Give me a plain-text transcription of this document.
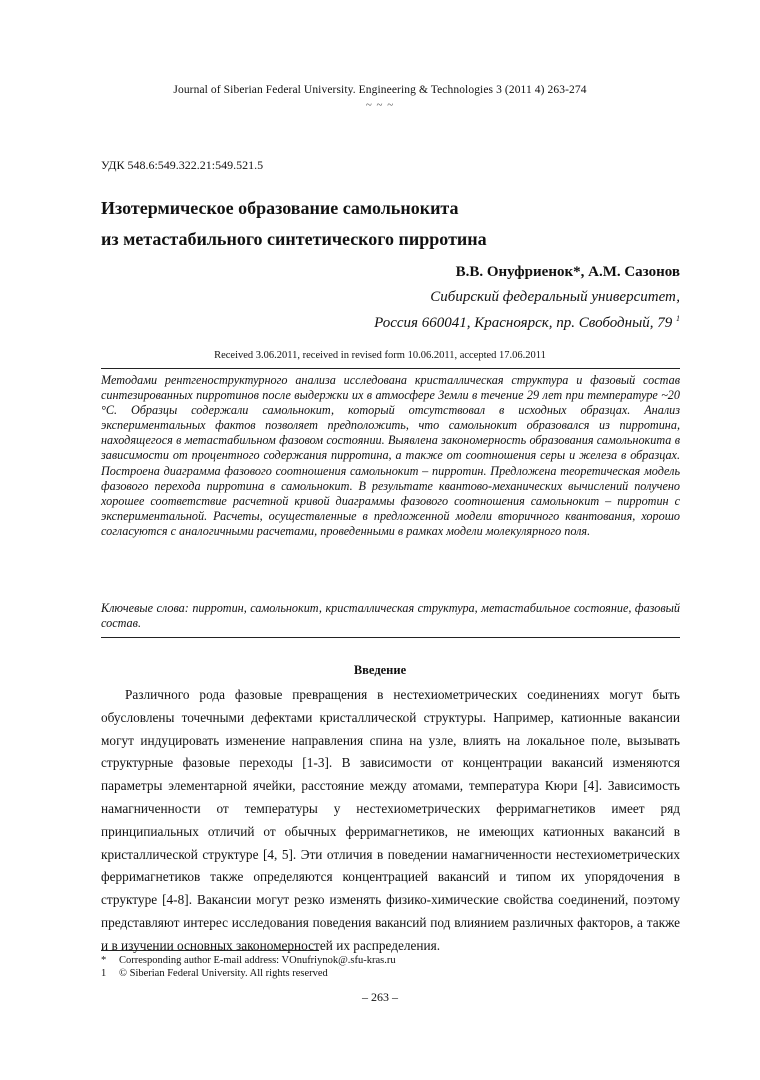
Journal of Siberian Federal University. Engineering & Technologies 3 (2011 4) 263-274
~ ~ ~
УДК 548.6:549.322.21:549.521.5
Изотермическое образование самольнокита
из метастабильного синтетического пирротина
В.В. Онуфриенок*, А.М. Сазонов
Сибирский федеральный университет,
Россия 660041, Красноярск, пр. Свободный, 79 $^1$
Received 3.06.2011, received in revised form 10.06.2011, accepted 17.06.2011
Методами рентгеноструктурного анализа исследована кристаллическая структура и фазовый состав синтезированных пирротинов после выдержки их в атмосфере Земли в течение 29 лет при температуре ~20 °С. Образцы содержали самольнокит, который отсутствовал в исходных образцах. Анализ экспериментальных фактов позволяет предположить, что самольнокит образовался из пирротина, находящегося в метастабильном фазовом состоянии. Выявлена закономерность образования самольнокита в зависимости от процентного содержания пирротина, а также от соотношения серы и железа в образцах. Построена диаграмма фазового соотношения самольнокит – пирротин. Предложена теоретическая модель фазового перехода пирротина в самольнокит. В результате квантово-механических вычислений получено хорошее соответствие расчетной кривой диаграммы фазового соотношения самольнокит – пирротин с экспериментальной. Расчеты, осуществленные в предложенной модели вторичного квантования, хорошо согласуются с аналогичными расчетами, проведенными в рамках модели молекулярного поля.
Ключевые слова: пирротин, самольнокит, кристаллическая структура, метастабильное состояние, фазовый состав.
Введение
Различного рода фазовые превращения в нестехиометрических соединениях могут быть обусловлены точечными дефектами кристаллической структуры. Например, катионные вакансии могут индуцировать изменение направления спина на узле, влиять на локальное поле, вызывать структурные фазовые переходы [1-3]. В зависимости от концентрации вакансий изменяются параметры элементарной ячейки, расстояние между атомами, температура Кюри [4]. Зависимость намагниченности от температуры у нестехиометрических ферримагнетиков имеет ряд принципиальных отличий от обычных ферримагнетиков, не имеющих катионных вакансий в кристаллической структуре [4, 5]. Эти отличия в поведении намагниченности нестехиометрических ферримагнетиков также определяются концентрацией вакансий и типом их упорядочения в структуре [4-8]. Вакансии могут резко изменять физико-химические свойства соединений, поэтому представляют интерес исследования поведения вакансий под влиянием различных факторов, а также и в изучении основных закономерностей их распределения.
* Corresponding author E-mail address: VOnufriynok@.sfu-kras.ru
1 © Siberian Federal University. All rights reserved
– 263 –
